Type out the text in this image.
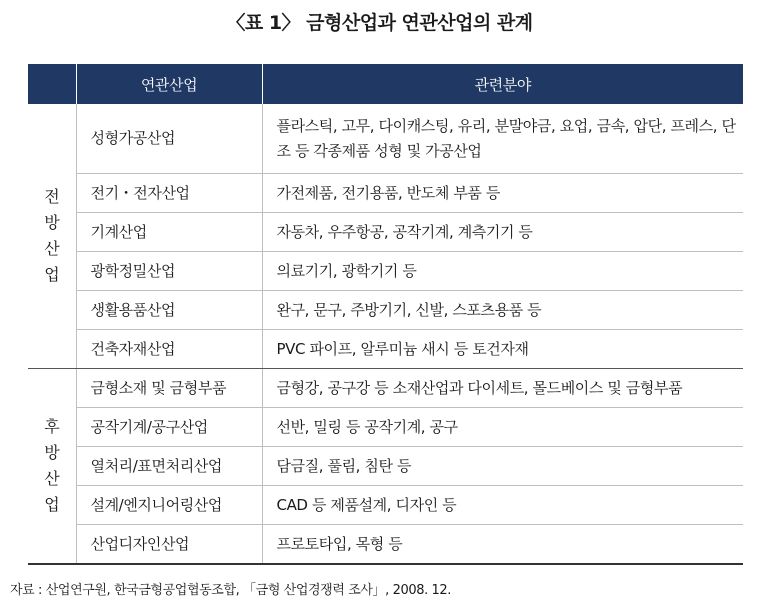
〈표 1〉 금형산업과 연관산업의 관계
	연관산업	관련분야

전
방
산
업	성형가공산업	플라스틱, 고무, 다이캐스팅, 유리, 분말야금, 요업, 금속, 압단, 프레스, 단조 등 각종제품 성형 및 가공산업
	전기・전자산업	가전제품, 전기용품, 반도체 부품 등
	기계산업	자동차, 우주항공, 공작기계, 계측기기 등
	광학정밀산업	의료기기, 광학기기 등
	생활용품산업	완구, 문구, 주방기기, 신발, 스포츠용품 등
	건축자재산업	PVC 파이프, 알루미늄 새시 등 토건자재

후
방
산
업	금형소재 및 금형부품	금형강, 공구강 등 소재산업과 다이세트, 몰드베이스 및 금형부품
	공작기계/공구산업	선반, 밀링 등 공작기계, 공구
	열처리/표면처리산업	담금질, 풀림, 침탄 등
	설계/엔지니어링산업	CAD 등 제품설계, 디자인 등
	산업디자인산업	프로토타입, 목형 등
자료 : 산업연구원, 한국금형공업협동조합, 「금형 산업경쟁력 조사」, 2008. 12.
